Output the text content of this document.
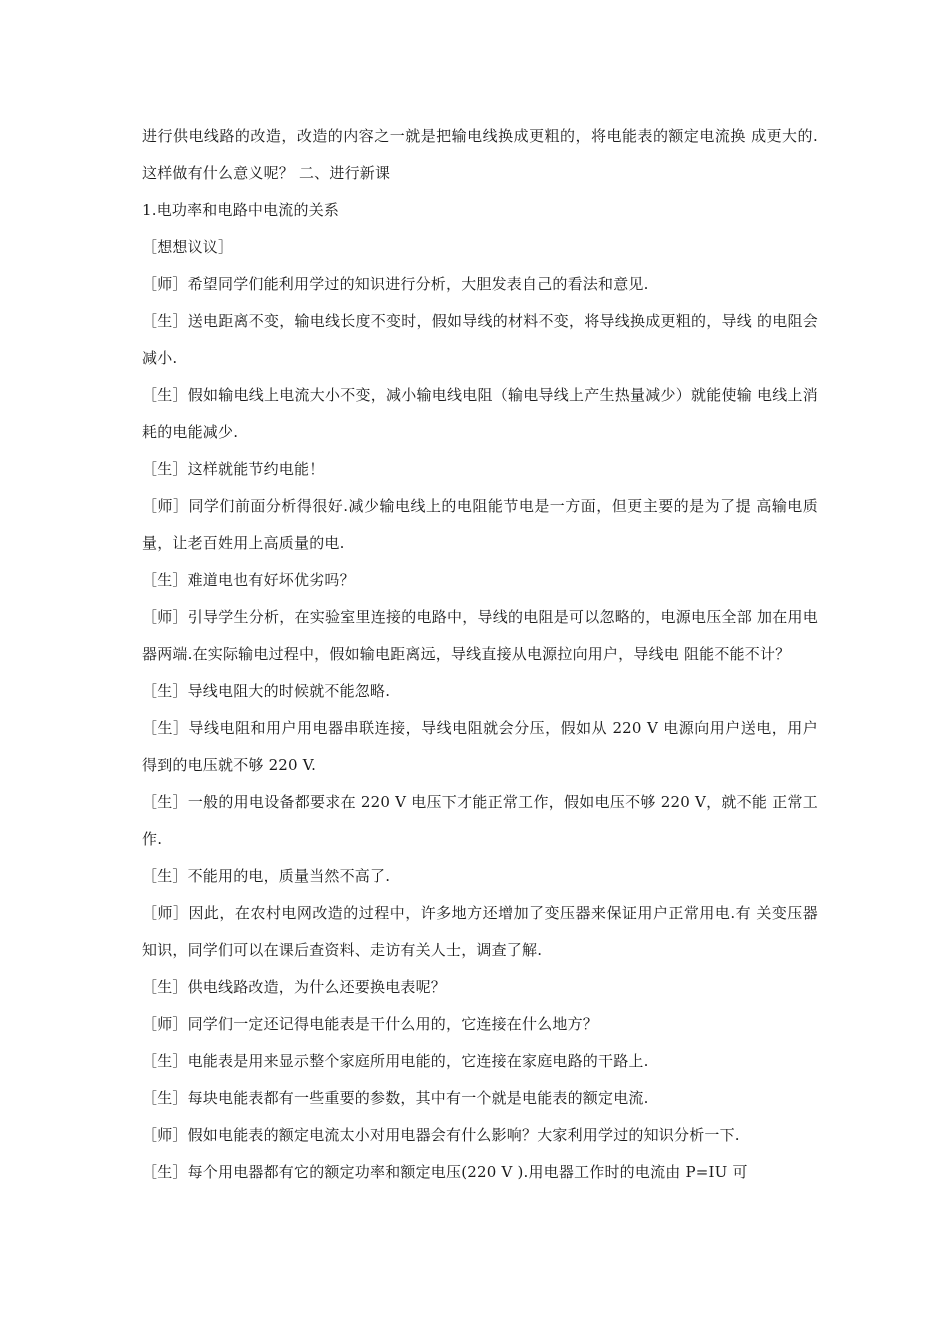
进行供电线路的改造，改造的内容之一就是把输电线换成更粗的，将电能表的额定电流换 成更大的.这样做有什么意义呢？ 二、进行新课

1.电功率和电路中电流的关系

［想想议议］

［师］希望同学们能利用学过的知识进行分析，大胆发表自己的看法和意见.

［生］送电距离不变，输电线长度不变时，假如导线的材料不变，将导线换成更粗的，导线 的电阻会减小.

［生］假如输电线上电流大小不变，减小输电线电阻（输电导线上产生热量减少）就能使输 电线上消耗的电能减少.

［生］这样就能节约电能！

［师］同学们前面分析得很好.减少输电线上的电阻能节电是一方面，但更主要的是为了提 高输电质量，让老百姓用上高质量的电.

［生］难道电也有好坏优劣吗？

［师］引导学生分析，在实验室里连接的电路中，导线的电阻是可以忽略的，电源电压全部 加在用电器两端.在实际输电过程中，假如输电距离远，导线直接从电源拉向用户，导线电 阻能不能不计？

［生］导线电阻大的时候就不能忽略.

［生］导线电阻和用户用电器串联连接，导线电阻就会分压，假如从 220 V 电源向用户送电，用户得到的电压就不够 220 V.

［生］一般的用电设备都要求在 220 V 电压下才能正常工作，假如电压不够 220 V，就不能 正常工作.

［生］不能用的电，质量当然不高了.

［师］因此，在农村电网改造的过程中，许多地方还增加了变压器来保证用户正常用电.有 关变压器知识，同学们可以在课后查资料、走访有关人士，调查了解.

［生］供电线路改造，为什么还要换电表呢？

［师］同学们一定还记得电能表是干什么用的，它连接在什么地方？

［生］电能表是用来显示整个家庭所用电能的，它连接在家庭电路的干路上.

［生］每块电能表都有一些重要的参数，其中有一个就是电能表的额定电流.

［师］假如电能表的额定电流太小对用电器会有什么影响？大家利用学过的知识分析一下.

［生］每个用电器都有它的额定功率和额定电压(220 V ).用电器工作时的电流由 P=IU 可
